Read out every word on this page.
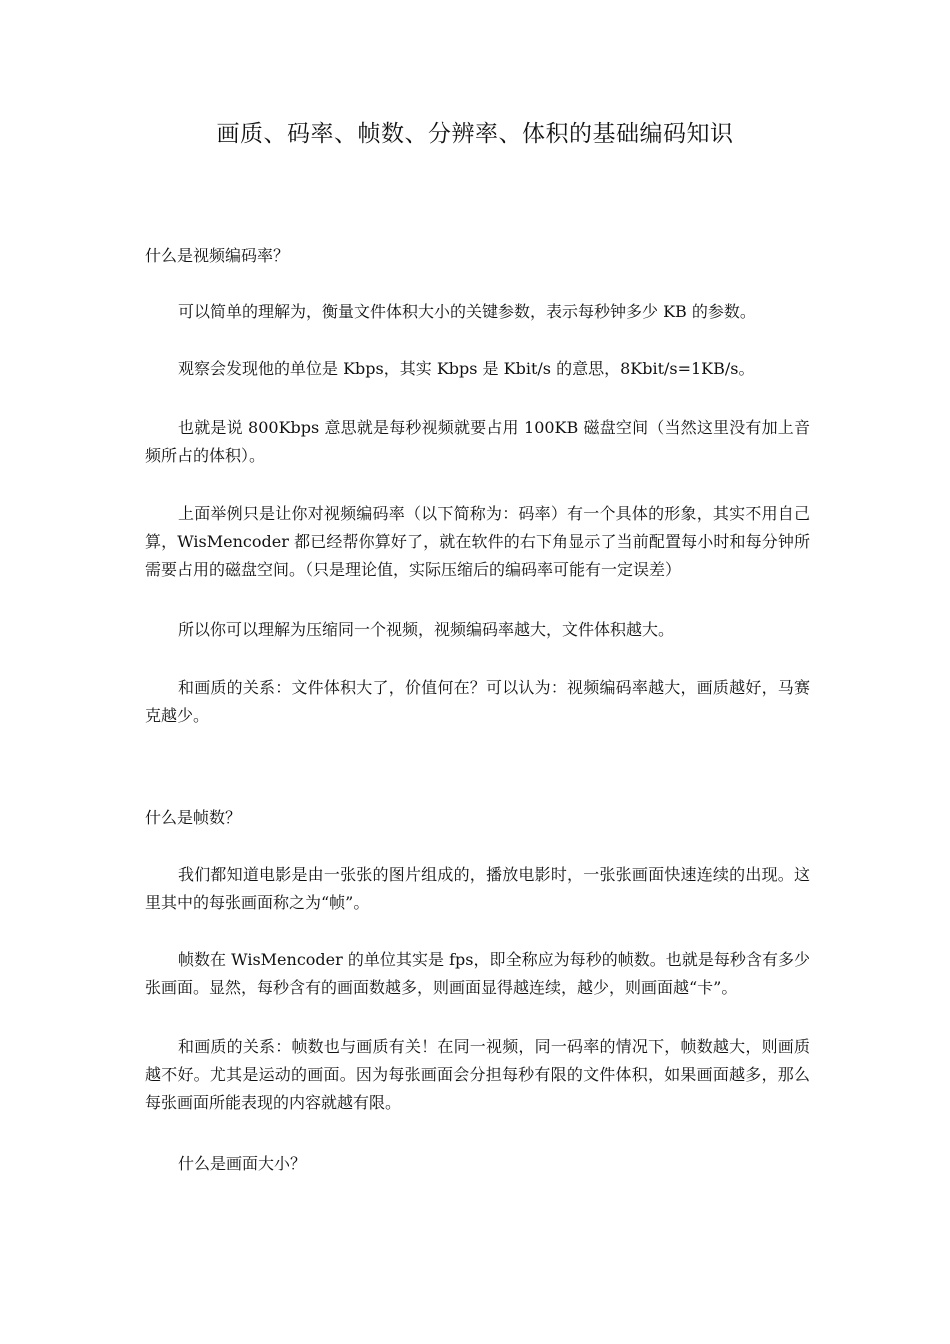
画质、码率、帧数、分辨率、体积的基础编码知识

什么是视频编码率？

可以简单的理解为，衡量文件体积大小的关键参数，表示每秒钟多少 KB 的参数。

观察会发现他的单位是 Kbps，其实 Kbps 是 Kbit/s 的意思，8Kbit/s=1KB/s。

也就是说 800Kbps 意思就是每秒视频就要占用 100KB 磁盘空间（当然这里没有加上音频所占的体积）。

上面举例只是让你对视频编码率（以下简称为：码率）有一个具体的形象，其实不用自己算，WisMencoder 都已经帮你算好了，就在软件的右下角显示了当前配置每小时和每分钟所需要占用的磁盘空间。（只是理论值，实际压缩后的编码率可能有一定误差）

所以你可以理解为压缩同一个视频，视频编码率越大，文件体积越大。

和画质的关系：文件体积大了，价值何在？可以认为：视频编码率越大，画质越好，马赛克越少。

什么是帧数？

我们都知道电影是由一张张的图片组成的，播放电影时，一张张画面快速连续的出现。这里其中的每张画面称之为“帧”。

帧数在 WisMencoder 的单位其实是 fps，即全称应为每秒的帧数。也就是每秒含有多少张画面。显然，每秒含有的画面数越多，则画面显得越连续，越少，则画面越“卡”。

和画质的关系：帧数也与画质有关！在同一视频，同一码率的情况下，帧数越大，则画质越不好。尤其是运动的画面。因为每张画面会分担每秒有限的文件体积，如果画面越多，那么每张画面所能表现的内容就越有限。

什么是画面大小？
